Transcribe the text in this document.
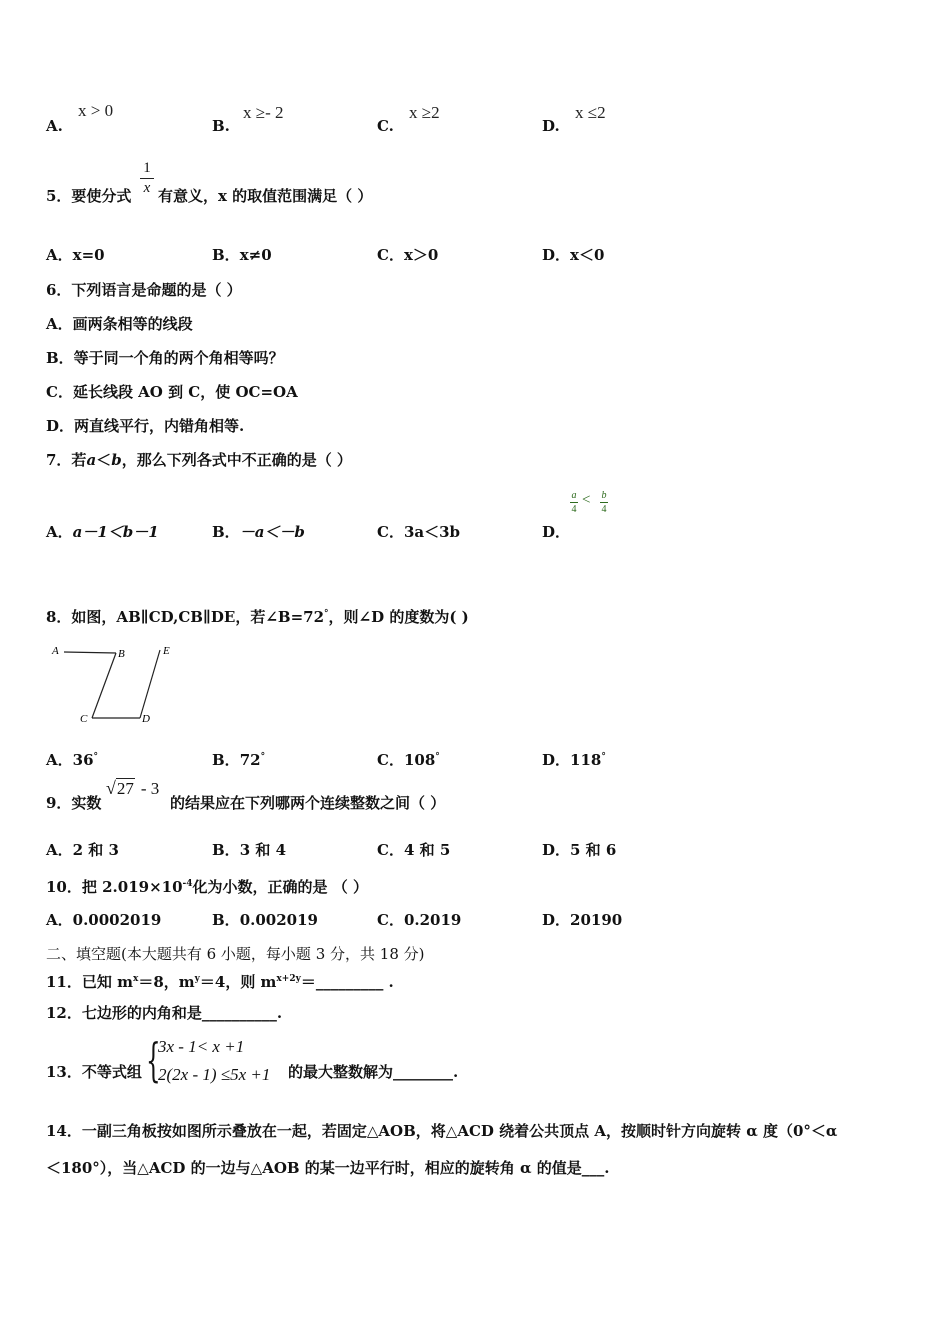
A.
x > 0
B.
x ≥- 2
C.
x ≥2
D.
x ≤2
5．要使分式
1
x 有意义，x 的取值范围满足（ ）
A．x=0	B．x≠0	C．x＞0	D．x＜0
6．下列语言是命题的是（ ）
A．画两条相等的线段
B．等于同一个角的两个角相等吗？
C．延长线段 AO 到 C，使 OC=OA
D．两直线平行，内错角相等.
7．若a＜b，那么下列各式中不正确的是（ ）
A．a－1＜b－1	B．－a＜－b	C．3a＜3b	D．
a
4
< b
4
8．如图，AB∥CD,CB∥DE，若∠B=72°，则∠D 的度数为( )
A	B
C	D
E
A．36°	B．72°	C．108°	D．118°
9．实数
√27 - 3
的结果应在下列哪两个连续整数之间（ ）
A．2 和 3	B．3 和 4	C．4 和 5	D．5 和 6
10．把 $2.019\times 10^{-4}$化为小数，正确的是 （ ）
A．0.0002019	B．0.002019	C．0.2019	D．20190
二、填空题(本大题共有 6 小题，每小题 3 分，共 18 分)
11．已知 $m^x=8$，$m^y=4$，则 $m^{x+2y}=\_\_\_\_\_\_\_\_\_$ .
12．七边形的内角和是__________.
13．不等式组 {
3x - 1< x +1
2(2x - 1) ≤5x +1 的最大整数解为________.
14．一副三角板按如图所示叠放在一起，若固定△AOB，将△ACD 绕着公共顶点 A，按顺时针方向旋转 α 度（0°＜α
＜180°），当△ACD 的一边与△AOB 的某一边平行时，相应的旋转角 α 的值是___.
